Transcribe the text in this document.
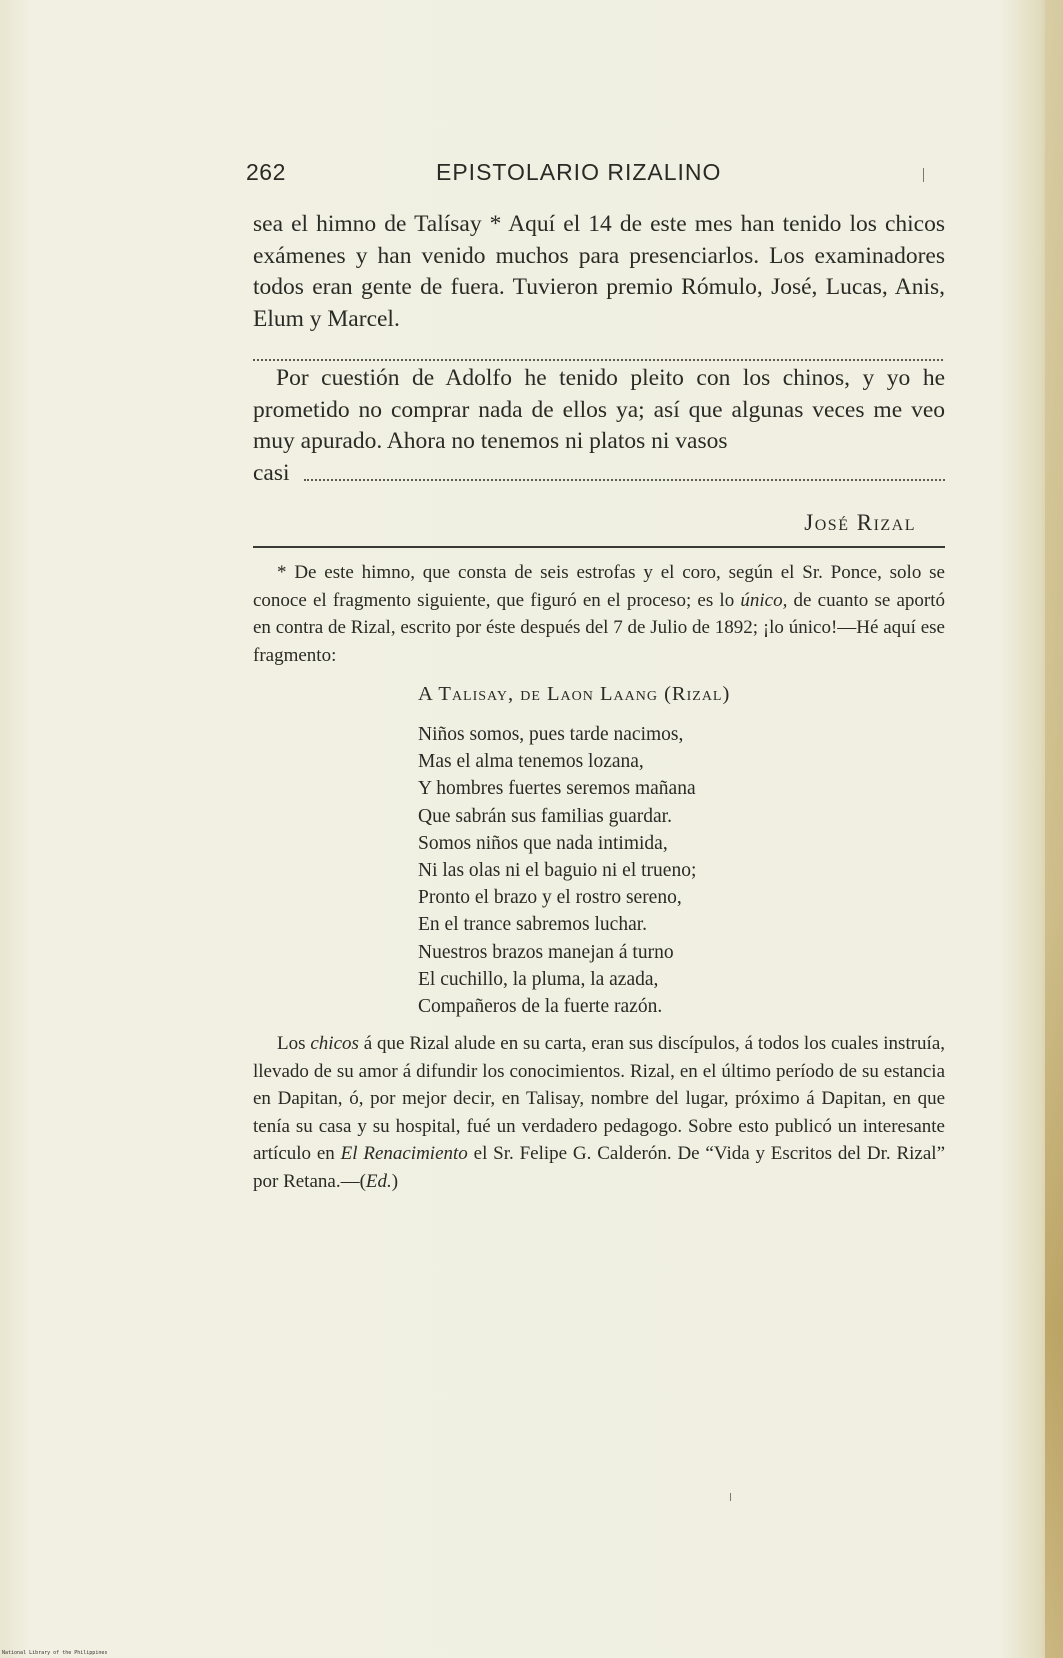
262	EPISTOLARIO RIZALINO

sea el himno de Talísay * Aquí el 14 de este mes han tenido los chicos exámenes y han venido muchos para presenciarlos. Los examinadores todos eran gente de fuera. Tuvieron premio Rómulo, José, Lucas, Anis, Elum y Marcel.

Por cuestión de Adolfo he tenido pleito con los chinos, y yo he prometido no comprar nada de ellos ya; así que algunas veces me veo muy apurado. Ahora no tenemos ni platos ni vasos

casi
José Rizal

* De este himno, que consta de seis estrofas y el coro, según el Sr. Ponce, solo se conoce el fragmento siguiente, que figuró en el proceso; es lo único, de cuanto se aportó en contra de Rizal, escrito por éste después del 7 de Julio de 1892; ¡lo único!—Hé aquí ese fragmento:

A Talisay, de Laon Laang (Rizal)
Niños somos, pues tarde nacimos,
Mas el alma tenemos lozana,
Y hombres fuertes seremos mañana
Que sabrán sus familias guardar.
Somos niños que nada intimida,
Ni las olas ni el baguio ni el trueno;
Pronto el brazo y el rostro sereno,
En el trance sabremos luchar.
Nuestros brazos manejan á turno
El cuchillo, la pluma, la azada,
Compañeros de la fuerte razón.

Los chicos á que Rizal alude en su carta, eran sus discípulos, á todos los cuales instruía, llevado de su amor á difundir los conocimientos. Rizal, en el último período de su estancia en Dapitan, ó, por mejor decir, en Talisay, nombre del lugar, próximo á Dapitan, en que tenía su casa y su hospital, fué un verdadero pedagogo. Sobre esto publicó un interesante artículo en El Renacimiento el Sr. Felipe G. Calderón. De “Vida y Escritos del Dr. Rizal” por Retana.—(Ed.)

National Library of the Philippines
